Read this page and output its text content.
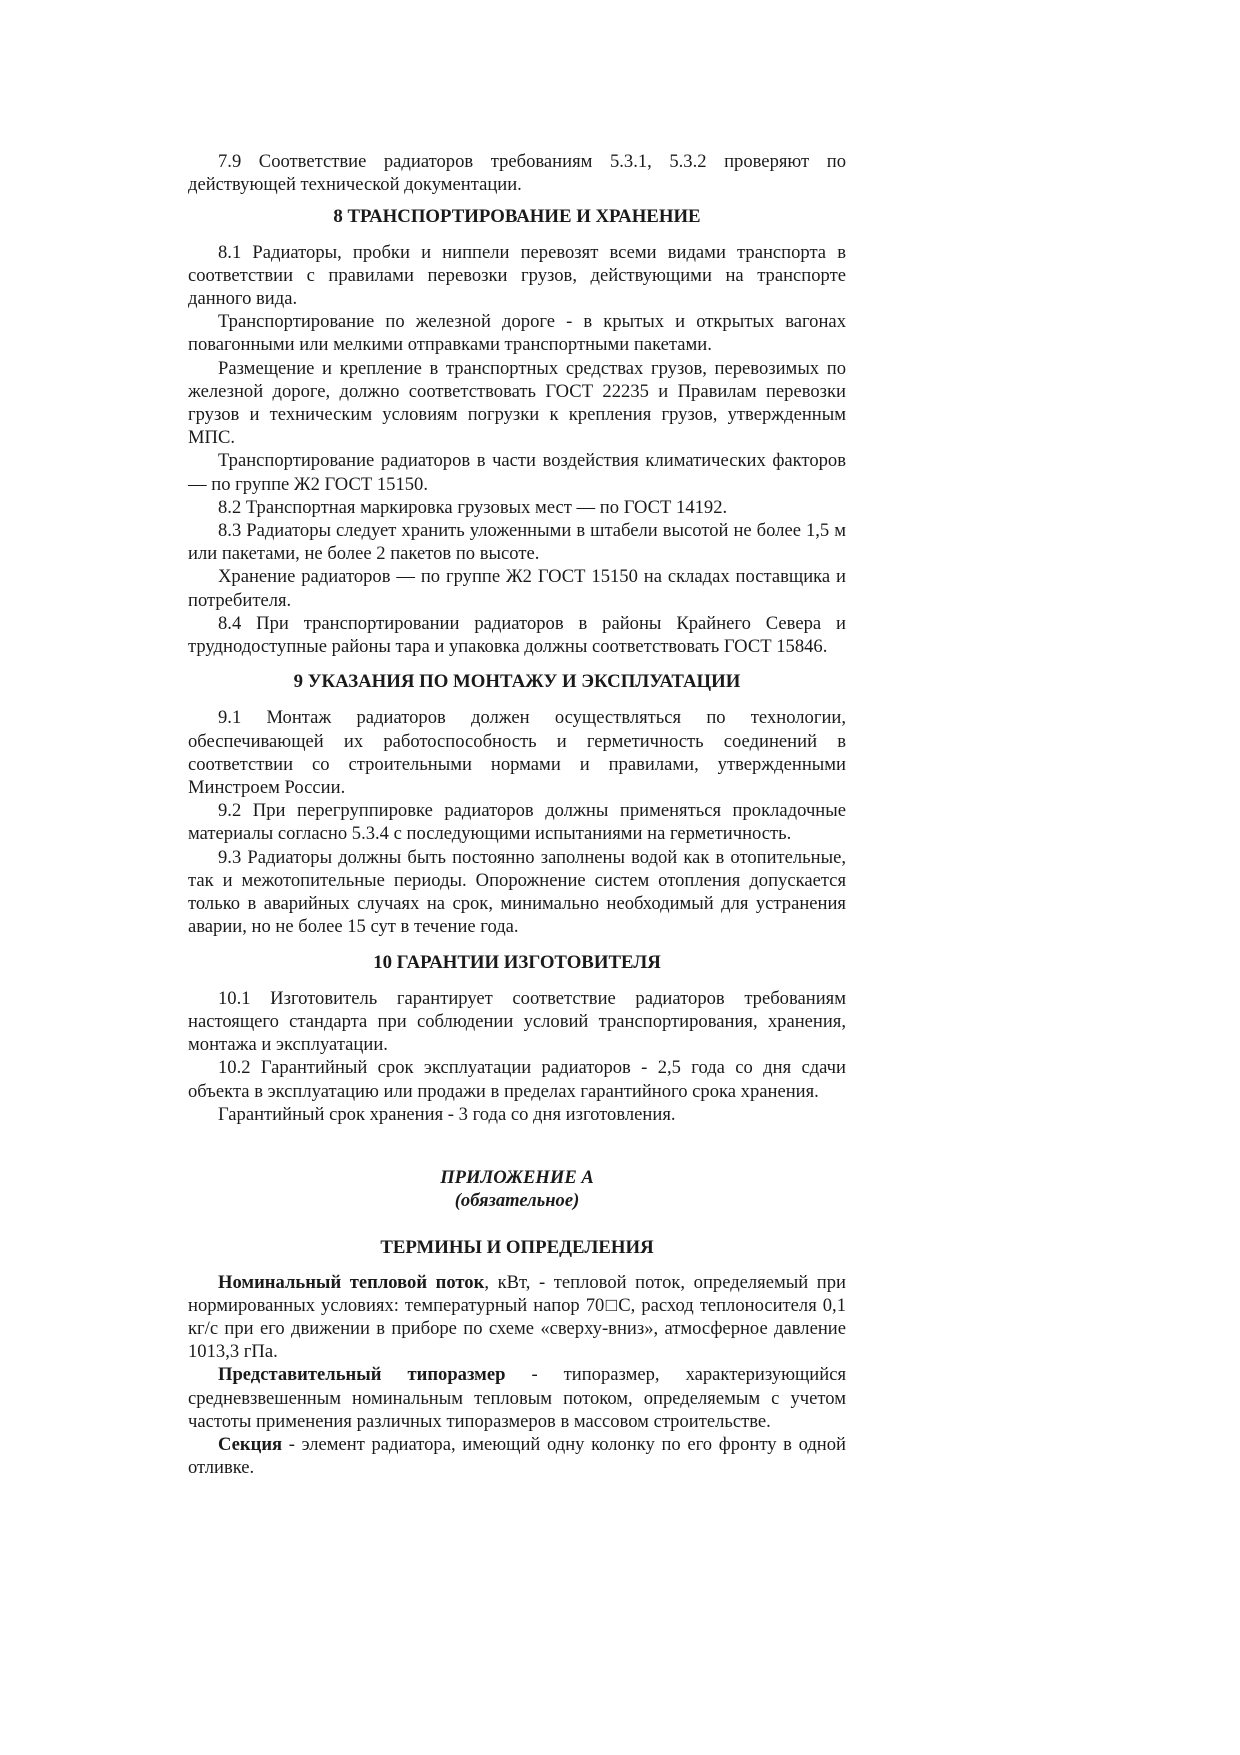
7.9 Соответствие радиаторов требованиям 5.3.1, 5.3.2 проверяют по действующей технической документации.

8 ТРАНСПОРТИРОВАНИЕ И ХРАНЕНИЕ

8.1 Радиаторы, пробки и ниппели перевозят всеми видами транспорта в соответствии с правилами перевозки грузов, действующими на транспорте данного вида.

Транспортирование по железной дороге - в крытых и открытых вагонах повагонными или мелкими отправками транспортными пакетами.

Размещение и крепление в транспортных средствах грузов, перевозимых по железной дороге, должно соответствовать ГОСТ 22235 и Правилам перевозки грузов и техническим условиям погрузки к крепления грузов, утвержденным МПС.

Транспортирование радиаторов в части воздействия климатических факторов — по группе Ж2 ГОСТ 15150.

8.2 Транспортная маркировка грузовых мест — по ГОСТ 14192.

8.3 Радиаторы следует хранить уложенными в штабели высотой не более 1,5 м или пакетами, не более 2 пакетов по высоте.

Хранение радиаторов — по группе Ж2 ГОСТ 15150 на складах поставщика и потребителя.

8.4 При транспортировании радиаторов в районы Крайнего Севера и труднодоступные районы тара и упаковка должны соответствовать ГОСТ 15846.

9 УКАЗАНИЯ ПО МОНТАЖУ И ЭКСПЛУАТАЦИИ

9.1 Монтаж радиаторов должен осуществляться по технологии, обеспечивающей их работоспособность и герметичность соединений в соответствии со строительными нормами и правилами, утвержденными Минстроем России.

9.2 При перегруппировке радиаторов должны применяться прокладочные материалы согласно 5.3.4 с последующими испытаниями на герметичность.

9.3 Радиаторы должны быть постоянно заполнены водой как в отопительные, так и межотопительные периоды. Опорожнение систем отопления допускается только в аварийных случаях на срок, минимально необходимый для устранения аварии, но не более 15 сут в течение года.

10 ГАРАНТИИ ИЗГОТОВИТЕЛЯ

10.1 Изготовитель гарантирует соответствие радиаторов требованиям настоящего стандарта при соблюдении условий транспортирования, хранения, монтажа и эксплуатации.

10.2 Гарантийный срок эксплуатации радиаторов - 2,5 года со дня сдачи объекта в эксплуатацию или продажи в пределах гарантийного срока хранения.

Гарантийный срок хранения - 3 года со дня изготовления.

ПРИЛОЖЕНИЕ А
(обязательное)
ТЕРМИНЫ И ОПРЕДЕЛЕНИЯ

Номинальный тепловой поток, кВт, - тепловой поток, определяемый при нормированных условиях: температурный напор 70□С, расход теплоносителя 0,1 кг/с при его движении в приборе по схеме «сверху-вниз», атмосферное давление 1013,3 гПа.

Представительный типоразмер - типоразмер, характеризующийся средневзвешенным номинальным тепловым потоком, определяемым с учетом частоты применения различных типоразмеров в массовом строительстве.

Секция - элемент радиатора, имеющий одну колонку по его фронту в одной отливке.
